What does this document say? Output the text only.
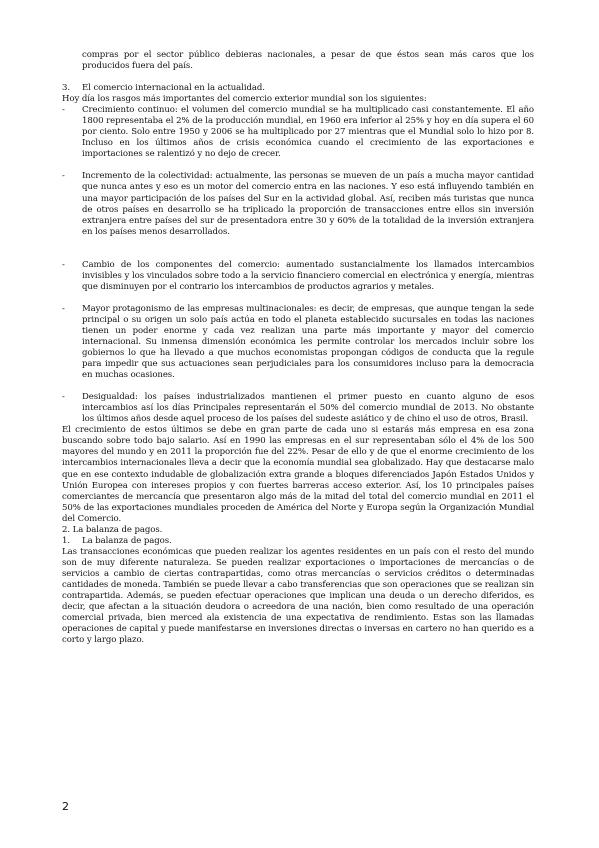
compras por el sector público debieras nacionales, a pesar de que éstos sean más caros que los producidos fuera del país.

3.	El comercio internacional en la actualidad.

Hoy día los rasgos más importantes del comercio exterior mundial son los siguientes:

-	Crecimiento continuo: el volumen del comercio mundial se ha multiplicado casi constantemente. El año 1800 representaba el 2% de la producción mundial, en 1960 era inferior al 25% y hoy en día supera el 60 por ciento. Solo entre 1950 y 2006 se ha multiplicado por 27 mientras que el Mundial solo lo hizo por 8. Incluso en los últimos años de crisis económica cuando el crecimiento de las exportaciones e importaciones se ralentizó y no dejo de crecer.
-	Incremento de la colectividad: actualmente, las personas se mueven de un país a mucha mayor cantidad que nunca antes y eso es un motor del comercio entra en las naciones. Y eso está influyendo también en una mayor participación de los países del Sur en la actividad global. Así, reciben más turistas que nunca de otros países en desarrollo se ha triplicado la proporción de transacciones entre ellos sin inversión extranjera entre países del sur de presentadora entre 30 y 60% de la totalidad de la inversión extranjera en los países menos desarrollados.
-	Cambio de los componentes del comercio: aumentado sustancialmente los llamados intercambios invisibles y los vinculados sobre todo a la servicio financiero comercial en electrónica y energía, mientras que disminuyen por el contrario los intercambios de productos agrarios y metales.
-	Mayor protagonismo de las empresas multinacionales: es decir, de empresas, que aunque tengan la sede principal o su origen un solo país actúa en todo el planeta establecido sucursales en todas las naciones tienen un poder enorme y cada vez realizan una parte más importante y mayor del comercio internacional. Su inmensa dimensión económica les permite controlar los mercados incluir sobre los gobiernos lo que ha llevado a que muchos economistas propongan códigos de conducta que la regule para impedir que sus actuaciones sean perjudiciales para los consumidores incluso para la democracia en muchas ocasiones.
-	Desigualdad: los países industrializados mantienen el primer puesto en cuanto alguno de esos intercambios así los días Principales representarán el 50% del comercio mundial de 2013. No obstante los últimos años desde aquel proceso de los países del sudeste asiático y de chino el uso de otros, Brasil.

El crecimiento de estos últimos se debe en gran parte de cada uno si estarás más empresa en esa zona buscando sobre todo bajo salario. Así en 1990 las empresas en el sur representaban sólo el 4% de los 500 mayores del mundo y en 2011 la proporción fue del 22%. Pesar de ello y de que el enorme crecimiento de los intercambios internacionales lleva a decir que la economía mundial sea globalizado. Hay que destacarse malo que en ese contexto indudable de globalización extra grande a bloques diferenciados Japón Estados Unidos y Unión Europea con intereses propios y con fuertes barreras acceso exterior. Así, los 10 principales países comerciantes de mercancía que presentaron algo más de la mitad del total del comercio mundial en 2011 el 50% de las exportaciones mundiales proceden de América del Norte y Europa según la Organización Mundial del Comercio.

2. La balanza de pagos.

1.	La balanza de pagos.

Las transacciones económicas que pueden realizar los agentes residentes en un país con el resto del mundo son de muy diferente naturaleza. Se pueden realizar exportaciones o importaciones de mercancías o de servicios a cambio de ciertas contrapartidas, como otras mercancías o servicios créditos o determinadas cantidades de moneda. También se puede llevar a cabo transferencias que son operaciones que se realizan sin contrapartida. Además, se pueden efectuar operaciones que implican una deuda o un derecho diferidos, es decir, que afectan a la situación deudora o acreedora de una nación, bien como resultado de una operación comercial privada, bien merced ala existencia de una expectativa de rendimiento. Estas son las llamadas operaciones de capital y puede manifestarse en inversiones directas o inversas en cartero no han querido es a corto y largo plazo.

2
